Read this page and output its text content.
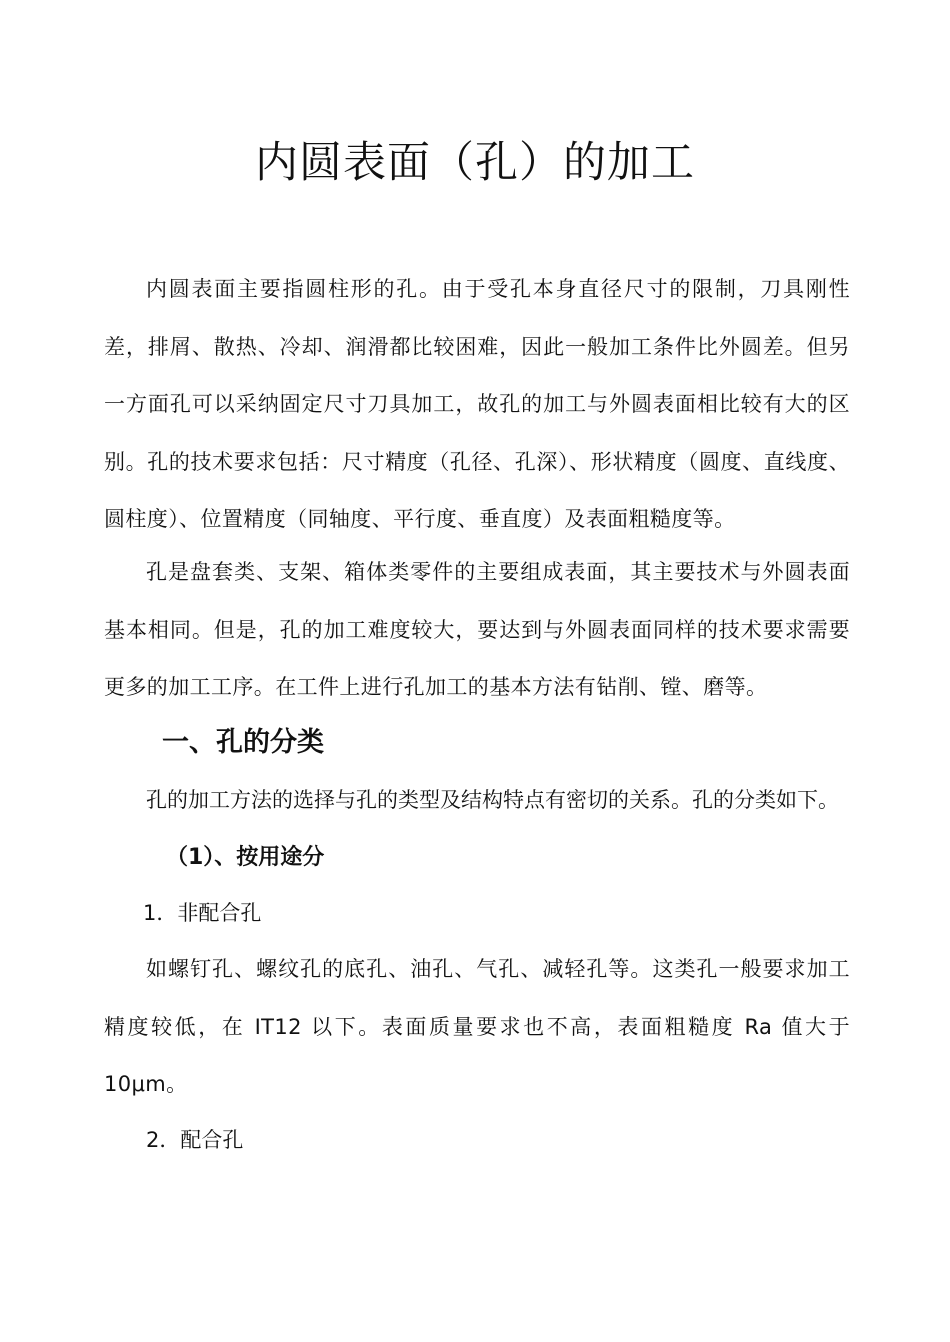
内圆表面（孔）的加工
内圆表面主要指圆柱形的孔。由于受孔本身直径尺寸的限制，刀具刚性差，排屑、散热、冷却、润滑都比较困难，因此一般加工条件比外圆差。但另一方面孔可以采纳固定尺寸刀具加工，故孔的加工与外圆表面相比较有大的区别。孔的技术要求包括：尺寸精度（孔径、孔深）、形状精度（圆度、直线度、圆柱度）、位置精度（同轴度、平行度、垂直度）及表面粗糙度等。
孔是盘套类、支架、箱体类零件的主要组成表面，其主要技术与外圆表面基本相同。但是，孔的加工难度较大，要达到与外圆表面同样的技术要求需要更多的加工工序。在工件上进行孔加工的基本方法有钻削、镗、磨等。
一、孔的分类
孔的加工方法的选择与孔的类型及结构特点有密切的关系。孔的分类如下。
（1）、按用途分
1．非配合孔
如螺钉孔、螺纹孔的底孔、油孔、气孔、减轻孔等。这类孔一般要求加工精度较低，在 IT12 以下。表面质量要求也不高，表面粗糙度 Ra 值大于 10μm。
2．配合孔
